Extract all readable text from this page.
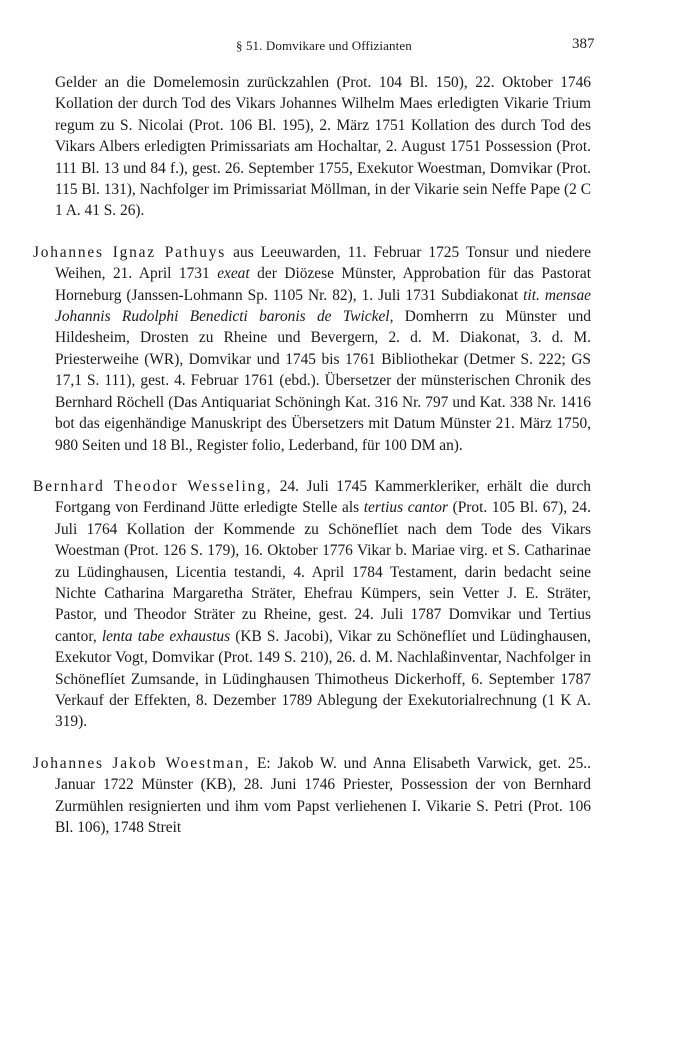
§ 51. Domvikare und Offizianten	387

Gelder an die Domelemosin zurückzahlen (Prot. 104 Bl. 150), 22. Oktober 1746 Kollation der durch Tod des Vikars Johannes Wilhelm Maes erledigten Vikarie Trium regum zu S. Nicolai (Prot. 106 Bl. 195), 2. März 1751 Kollation des durch Tod des Vikars Albers erledigten Primissariats am Hochaltar, 2. August 1751 Possession (Prot. 111 Bl. 13 und 84 f.), gest. 26. September 1755, Exekutor Woestman, Domvikar (Prot. 115 Bl. 131), Nachfolger im Primissariat Möllman, in der Vikarie sein Neffe Pape (2 C 1 A. 41 S. 26).

Johannes Ignaz Pathuys aus Leeuwarden, 11. Februar 1725 Tonsur und niedere Weihen, 21. April 1731 exeat der Diözese Münster, Approbation für das Pastorat Horneburg (Janssen-Lohmann Sp. 1105 Nr. 82), 1. Juli 1731 Subdiakonat tit. mensae Johannis Rudolphi Benedicti baronis de Twickel, Domherrn zu Münster und Hildesheim, Drosten zu Rheine und Bevergern, 2. d. M. Diakonat, 3. d. M. Priesterweihe (WR), Domvikar und 1745 bis 1761 Bibliothekar (Detmer S. 222; GS 17,1 S. 111), gest. 4. Februar 1761 (ebd.). Übersetzer der münsterischen Chronik des Bernhard Röchell (Das Antiquariat Schöningh Kat. 316 Nr. 797 und Kat. 338 Nr. 1416 bot das eigenhändige Manuskript des Übersetzers mit Datum Münster 21. März 1750, 980 Seiten und 18 Bl., Register folio, Lederband, für 100 DM an).

Bernhard Theodor Wesseling, 24. Juli 1745 Kammerkleriker, erhält die durch Fortgang von Ferdinand Jütte erledigte Stelle als tertius cantor (Prot. 105 Bl. 67), 24. Juli 1764 Kollation der Kommende zu Schöneflíet nach dem Tode des Vikars Woestman (Prot. 126 S. 179), 16. Oktober 1776 Vikar b. Mariae virg. et S. Catharinae zu Lüdinghausen, Licentia testandi, 4. April 1784 Testament, darin bedacht seine Nichte Catharina Margaretha Sträter, Ehefrau Kümpers, sein Vetter J. E. Sträter, Pastor, und Theodor Sträter zu Rheine, gest. 24. Juli 1787 Domvikar und Tertius cantor, lenta tabe exhaustus (KB S. Jacobi), Vikar zu Schöneflíet und Lüdinghausen, Exekutor Vogt, Domvikar (Prot. 149 S. 210), 26. d. M. Nachlaßinventar, Nachfolger in Schöneflíet Zumsande, in Lüdinghausen Thimotheus Dickerhoff, 6. September 1787 Verkauf der Effekten, 8. Dezember 1789 Ablegung der Exekutorialrechnung (1 K A. 319).

Johannes Jakob Woestman, E: Jakob W. und Anna Elisabeth Varwick, get. 25.. Januar 1722 Münster (KB), 28. Juni 1746 Priester, Possession der von Bernhard Zurmühlen resignierten und ihm vom Papst verliehenen I. Vikarie S. Petri (Prot. 106 Bl. 106), 1748 Streit
